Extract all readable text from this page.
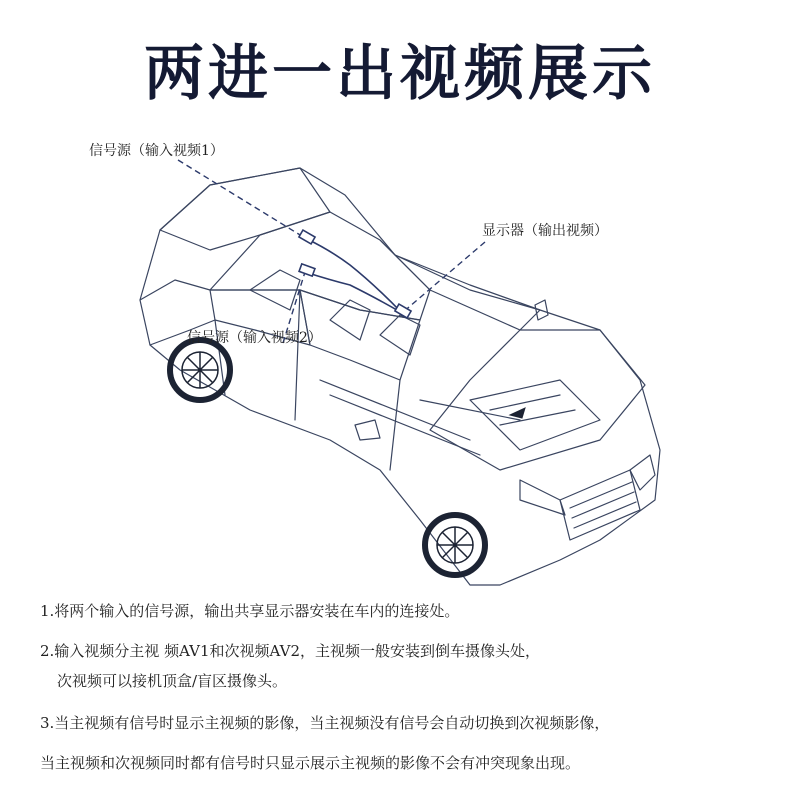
两进一出视频展示
信号源（输入视频1）
显示器（输出视频）
信号源（输入视频2）
1.将两个输入的信号源，输出共享显示器安装在车内的连接处。
2.输入视频分主视 频AV1和次视频AV2，主视频一般安装到倒车摄像头处，
次视频可以接机顶盒/盲区摄像头。
3.当主视频有信号时显示主视频的影像，当主视频没有信号会自动切换到次视频影像，
当主视频和次视频同时都有信号时只显示展示主视频的影像不会有冲突现象出现。
